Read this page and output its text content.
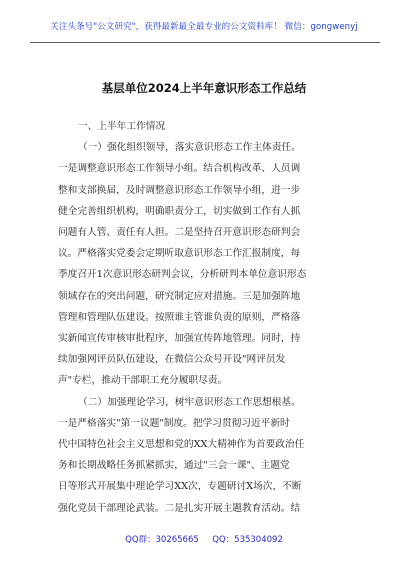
关注头条号"公文研究"，获得最新最全最专业的公文资料库！ 微信：gongwenyj
基层单位2024上半年意识形态工作总结
一、上半年工作情况
（一）强化组织领导，落实意识形态工作主体责任。
一是调整意识形态工作领导小组。结合机构改革、人员调
整和支部换届，及时调整意识形态工作领导小组，进一步
健全完善组织机构，明确职责分工，切实做到工作有人抓
问题有人管、责任有人担。二是坚持召开意识形态研判会
议。严格落实党委会定期听取意识形态工作汇报制度，每
季度召开1次意识形态研判会议，分析研判本单位意识形态
领域存在的突出问题，研究制定应对措施。三是加强阵地
管理和管理队伍建设。按照谁主管谁负责的原则，严格落
实新闻宣传审核审批程序，加强宣传阵地管理。同时，持
续加强网评员队伍建设，在微信公众号开设"网评员发
声"专栏，推动干部职工充分履职尽责。
（二）加强理论学习，树牢意识形态工作思想根基。
一是严格落实"第一议题"制度。把学习贯彻习近平新时
代中国特色社会主义思想和党的XX大精神作为首要政治任
务和长期战略任务抓紧抓实，通过"三会一课"、主题党
日等形式开展集中理论学习XX次，专题研讨X场次，不断
强化党员干部理论武装。二是扎实开展主题教育活动。结
QQ群：30265665 QQ：535304092
